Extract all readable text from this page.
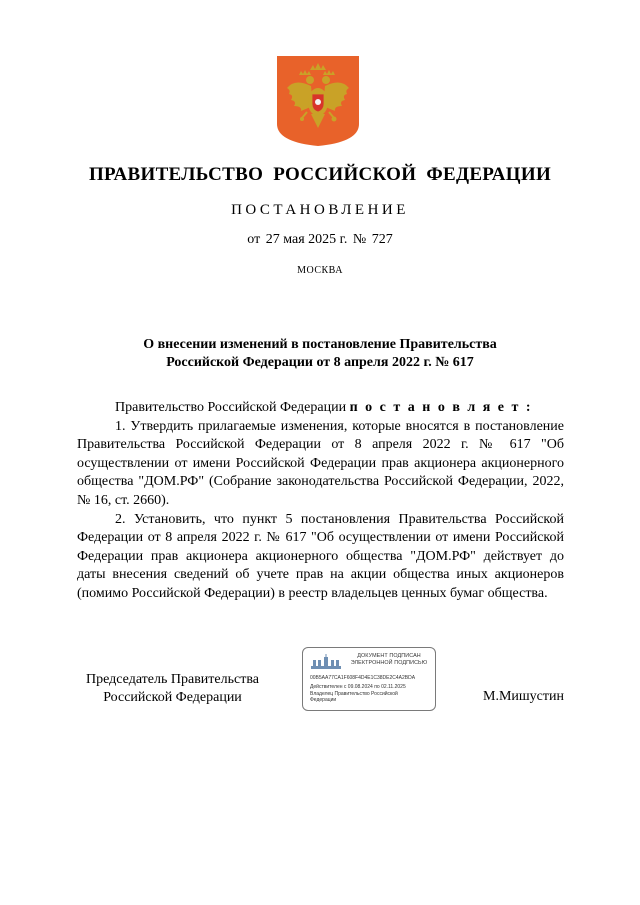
ПРАВИТЕЛЬСТВО РОССИЙСКОЙ ФЕДЕРАЦИИ
ПОСТАНОВЛЕНИЕ
от 27 мая 2025 г. № 727
МОСКВА
О внесении изменений в постановление Правительства
Российской Федерации от 8 апреля 2022 г. № 617

Правительство Российской Федерации п о с т а н о в л я е т :

1. Утвердить прилагаемые изменения, которые вносятся в постановление Правительства Российской Федерации от 8 апреля 2022 г. № 617 "Об осуществлении от имени Российской Федерации прав акционера акционерного общества "ДОМ.РФ" (Собрание законодательства Российской Федерации, 2022, № 16, ст. 2660).

2. Установить, что пункт 5 постановления Правительства Российской Федерации от 8 апреля 2022 г. № 617 "Об осуществлении от имени Российской Федерации прав акционера акционерного общества "ДОМ.РФ" действует до даты внесения сведений об учете прав на акции общества иных акционеров (помимо Российской Федерации) в реестр владельцев ценных бумаг общества.

Председатель Правительства
Российской Федерации
ДОКУМЕНТ ПОДПИСАН
ЭЛЕКТРОННОЙ ПОДПИСЬЮ
00B5AA77CA1F608F4D4E1C38DE2C4A2BDA
Действителен с 09.08.2024 по 02.11.2025
Владелец Правительство Российской
Федерации	М.Мишустин
